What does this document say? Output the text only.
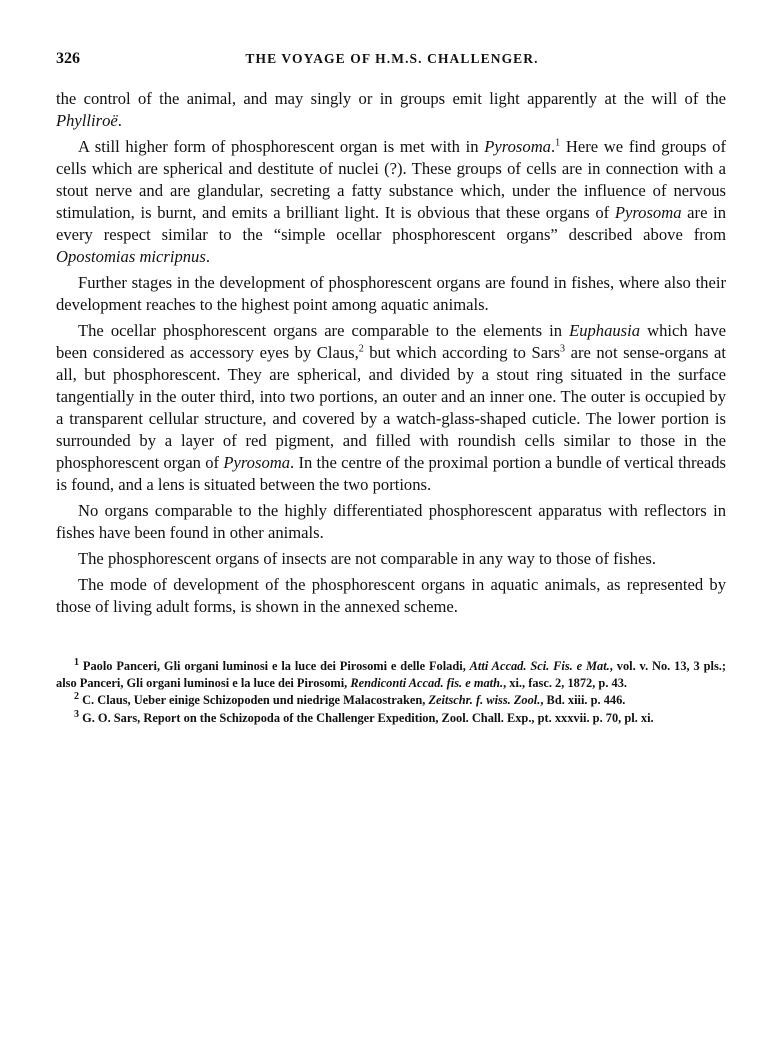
326	THE VOYAGE OF H.M.S. CHALLENGER.

the control of the animal, and may singly or in groups emit light apparently at the will of the Phyllirоë.

A still higher form of phosphorescent organ is met with in Pyrosoma.$^1$ Here we find groups of cells which are spherical and destitute of nuclei (?). These groups of cells are in connection with a stout nerve and are glandular, secreting a fatty substance which, under the influence of nervous stimulation, is burnt, and emits a brilliant light. It is obvious that these organs of Pyrosoma are in every respect similar to the “simple ocellar phosphorescent organs” described above from Opostomias micripnus.

Further stages in the development of phosphorescent organs are found in fishes, where also their development reaches to the highest point among aquatic animals.

The ocellar phosphorescent organs are comparable to the elements in Euphausia which have been considered as accessory eyes by Claus,$^2$ but which according to Sars$^3$ are not sense-organs at all, but phosphorescent. They are spherical, and divided by a stout ring situated in the surface tangentially in the outer third, into two portions, an outer and an inner one. The outer is occupied by a transparent cellular structure, and covered by a watch-glass-shaped cuticle. The lower portion is surrounded by a layer of red pigment, and filled with roundish cells similar to those in the phosphorescent organ of Pyrosoma. In the centre of the proximal portion a bundle of vertical threads is found, and a lens is situated between the two portions.

No organs comparable to the highly differentiated phosphorescent apparatus with reflectors in fishes have been found in other animals.

The phosphorescent organs of insects are not comparable in any way to those of fishes.

The mode of development of the phosphorescent organs in aquatic animals, as represented by those of living adult forms, is shown in the annexed scheme.

$^1$ Paolo Panceri, Gli organi luminosi e la luce dei Pirosomi e delle Foladi, Atti Accad. Sci. Fis. e Mat., vol. v. No. 13, 3 pls.; also Panceri, Gli organi luminosi e la luce dei Pirosomi, Rendiconti Accad. fis. e math., xi., fasc. 2, 1872, p. 43.

$^2$ C. Claus, Ueber einige Schizopoden und niedrige Malacostraken, Zeitschr. f. wiss. Zool., Bd. xiii. p. 446.

$^3$ G. O. Sars, Report on the Schizopoda of the Challenger Expedition, Zool. Chall. Exp., pt. xxxvii. p. 70, pl. xi.
